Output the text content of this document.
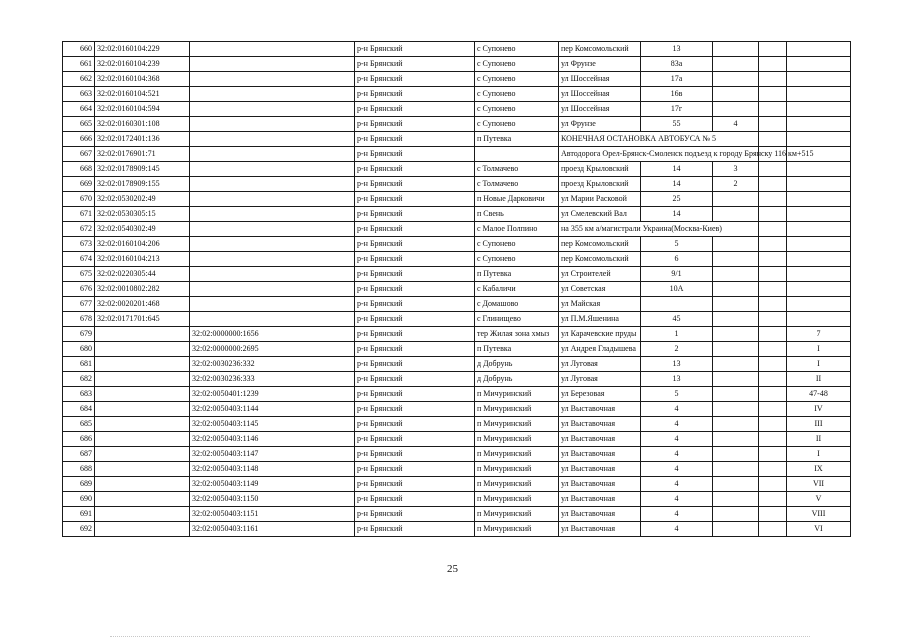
660	32:02:0160104:229		р-н Брянский	с Супонево	пер Комсомольский	13			
661	32:02:0160104:239		р-н Брянский	с Супонево	ул Фрунзе	83а			
662	32:02:0160104:368		р-н Брянский	с Супонево	ул Шоссейная	17а			
663	32:02:0160104:521		р-н Брянский	с Супонево	ул Шоссейная	16в			
664	32:02:0160104:594		р-н Брянский	с Супонево	ул Шоссейная	17г			
665	32:02:0160301:108		р-н Брянский	с Супонево	ул Фрунзе	55	4		
666	32:02:0172401:136		р-н Брянский	п Путевка	КОНЕЧНАЯ ОСТАНОВКА АВТОБУСА № 5				
667	32:02:0176901:71		р-н Брянский		Автодорога Орел-Брянск-Смоленск подъезд к городу Брянску 116 км+515				
668	32:02:0178909:145		р-н Брянский	с Толмачево	проезд Крыловский	14	3		
669	32:02:0178909:155		р-н Брянский	с Толмачево	проезд Крыловский	14	2		
670	32:02:0530202:49		р-н Брянский	п Новые Дарковичи	ул Марии Расковой	25			
671	32:02:0530305:15		р-н Брянский	п Свень	ул Смелевский Вал	14			
672	32:02:0540302:49		р-н Брянский	с Малое Полпино	на 355 км а/магистрали Украина(Москва-Киев)				
673	32:02:0160104:206		р-н Брянский	с Супонево	пер Комсомольский	5			
674	32:02:0160104:213		р-н Брянский	с Супонево	пер Комсомольский	6			
675	32:02:0220305:44		р-н Брянский	п Путевка	ул Строителей	9/1			
676	32:02:0010802:282		р-н Брянский	с Кабаличи	ул Советская	10А			
677	32:02:0020201:468		р-н Брянский	с Домашово	ул Майская				
678	32:02:0171701:645		р-н Брянский	с Глинищево	ул П.М.Яшенина	45			
679		32:02:0000000:1656	р-н Брянский	тер Жилая зона хмыз	ул Карачевские пруды	1			7
680		32:02:0000000:2695	р-н Брянский	п Путевка	ул Андрея Гладышева	2			I
681		32:02:0030236:332	р-н Брянский	д Добрунь	ул Луговая	13			I
682		32:02:0030236:333	р-н Брянский	д Добрунь	ул Луговая	13			II
683		32:02:0050401:1239	р-н Брянский	п Мичуринский	ул Березовая	5			47-48
684		32:02:0050403:1144	р-н Брянский	п Мичуринский	ул Выставочная	4			IV
685		32:02:0050403:1145	р-н Брянский	п Мичуринский	ул Выставочная	4			III
686		32:02:0050403:1146	р-н Брянский	п Мичуринский	ул Выставочная	4			II
687		32:02:0050403:1147	р-н Брянский	п Мичуринский	ул Выставочная	4			I
688		32:02:0050403:1148	р-н Брянский	п Мичуринский	ул Выставочная	4			IX
689		32:02:0050403:1149	р-н Брянский	п Мичуринский	ул Выставочная	4			VII
690		32:02:0050403:1150	р-н Брянский	п Мичуринский	ул Выставочная	4			V
691		32:02:0050403:1151	р-н Брянский	п Мичуринский	ул Выставочная	4			VIII
692		32:02:0050403:1161	р-н Брянский	п Мичуринский	ул Выставочная	4			VI
25
